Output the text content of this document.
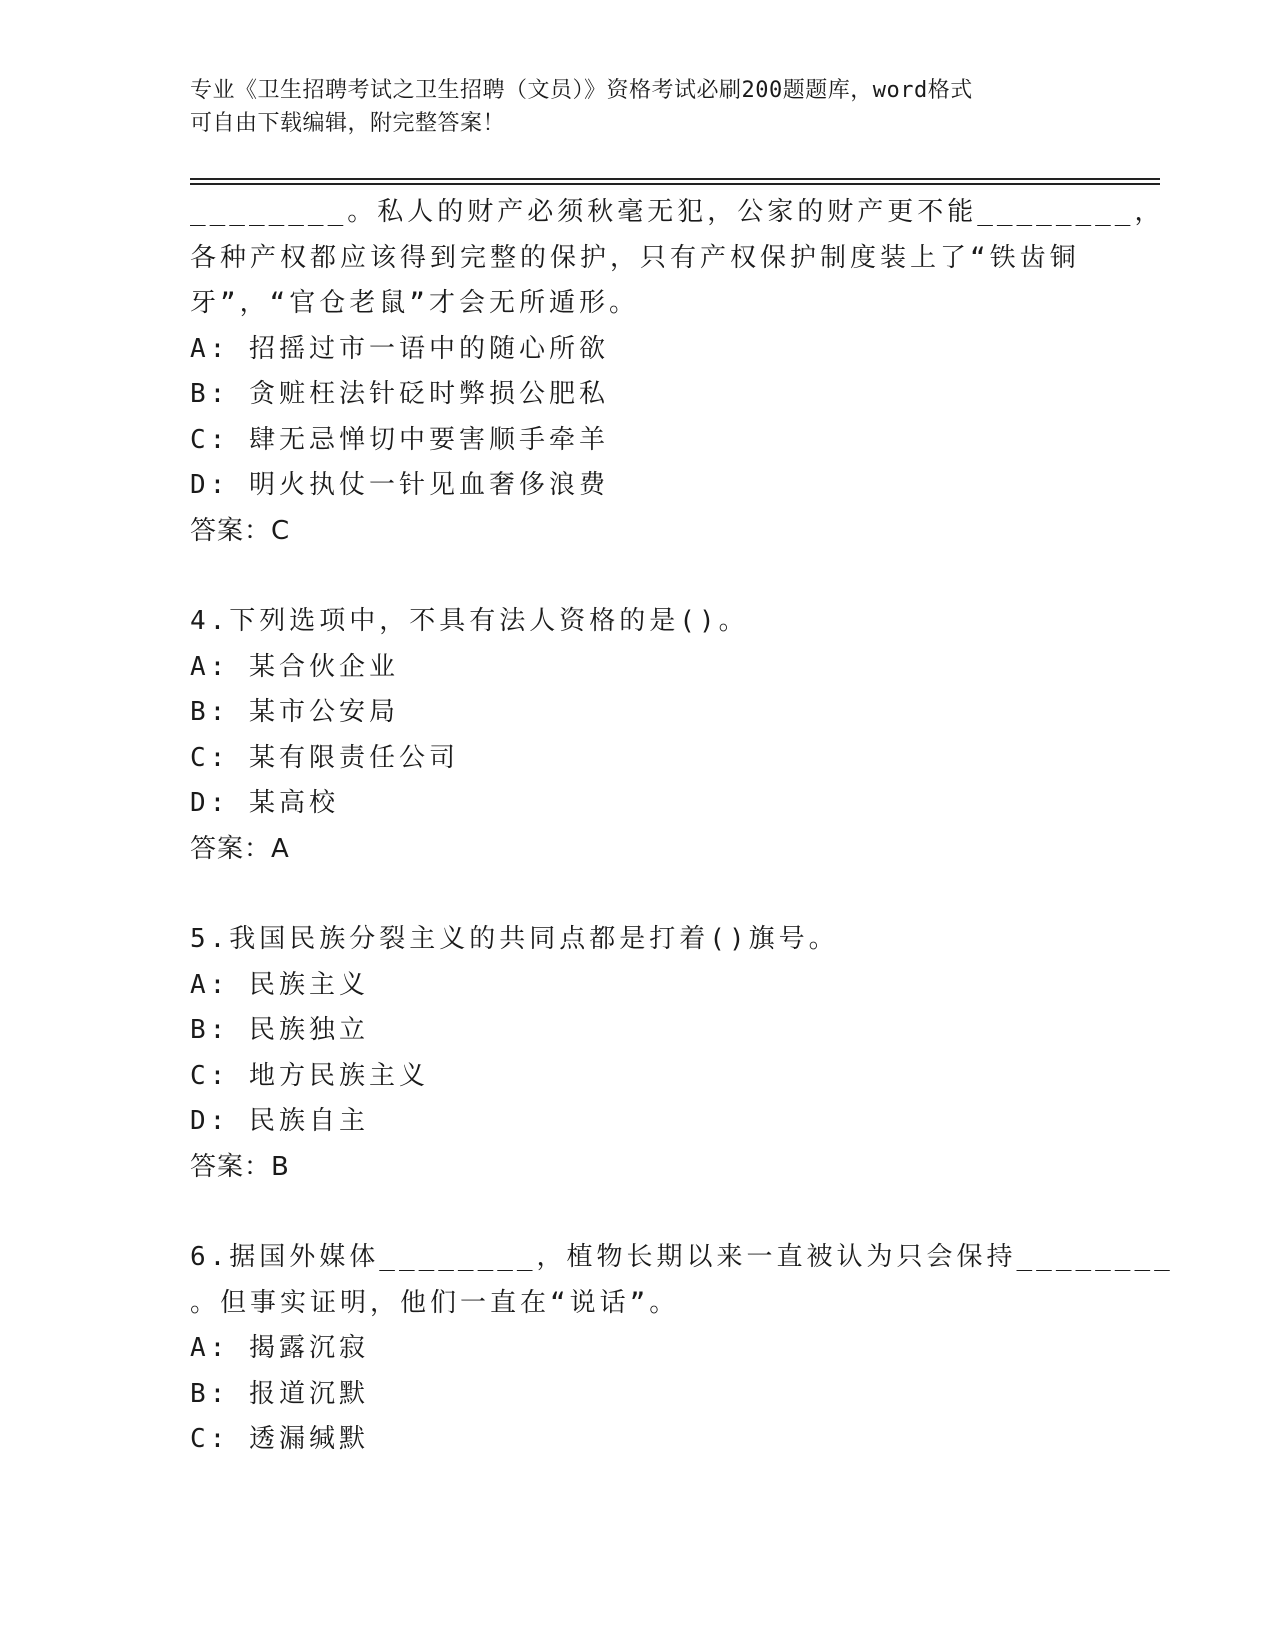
专业《卫生招聘考试之卫生招聘（文员）》资格考试必刷200题题库，word格式
可自由下载编辑，附完整答案！
________。私人的财产必须秋毫无犯，公家的财产更不能________，
各种产权都应该得到完整的保护，只有产权保护制度装上了“铁齿铜
牙”，“官仓老鼠”才会无所遁形。
A: 招摇过市一语中的随心所欲
B: 贪赃枉法针砭时弊损公肥私
C: 肆无忌惮切中要害顺手牵羊
D: 明火执仗一针见血奢侈浪费
答案：C
4.下列选项中，不具有法人资格的是()。
A: 某合伙企业
B: 某市公安局
C: 某有限责任公司
D: 某高校
答案：A
5.我国民族分裂主义的共同点都是打着()旗号。
A: 民族主义
B: 民族独立
C: 地方民族主义
D: 民族自主
答案：B
6.据国外媒体________，植物长期以来一直被认为只会保持________
。但事实证明，他们一直在“说话”。
A: 揭露沉寂
B: 报道沉默
C: 透漏缄默
